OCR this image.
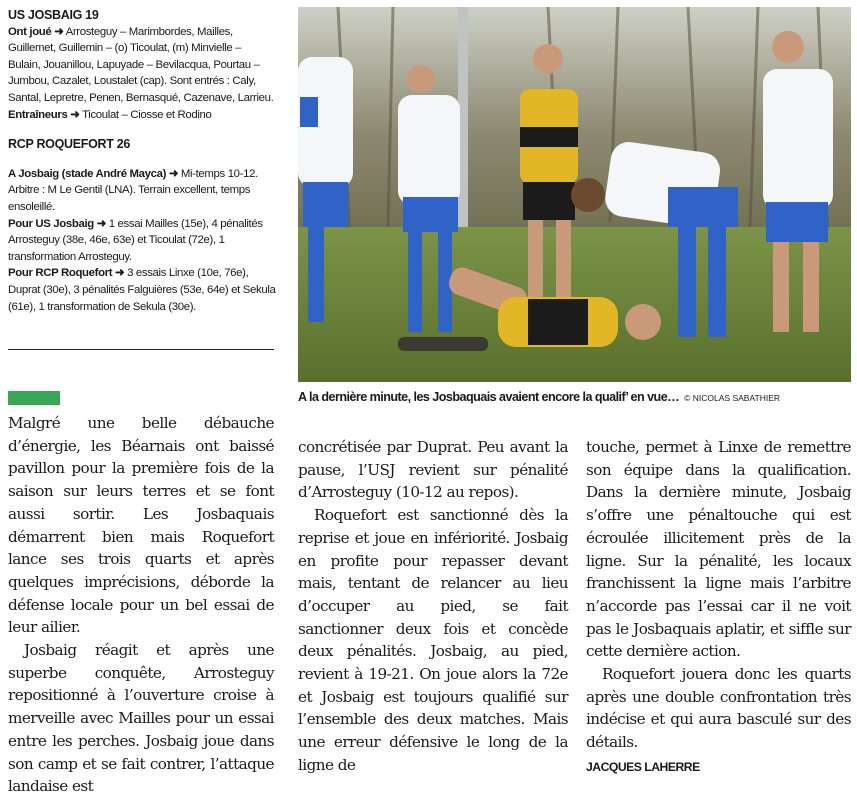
US JOSBAIG 19

Ont joué ➜ Arrosteguy – Marimbordes, Mailles, Guillemet, Guillemin – (o) Ticoulat, (m) Minvielle – Bulain, Jouanillou, Lapuyade – Bevilacqua, Pourtau – Jumbou, Cazalet, Loustalet (cap). Sont entrés : Caly, Santal, Lepretre, Penen, Bernasqué, Cazenave, Larrieu.

Entraîneurs ➜ Ticoulat – Ciosse et Rodino

RCP ROQUEFORT 26

A Josbaig (stade André Mayca) ➜ Mi-temps 10-12. Arbitre : M Le Gentil (LNA). Terrain excellent, temps ensoleillé.

Pour US Josbaig ➜ 1 essai Mailles (15e), 4 pénalités Arrosteguy (38e, 46e, 63e) et Ticoulat (72e), 1 transformation Arrosteguy.

Pour RCP Roquefort ➜ 3 essais Linxe (10e, 76e), Duprat (30e), 3 pénalités Falguières (53e, 64e) et Sekula (61e), 1 transformation de Sekula (30e).

A la dernière minute, les Josbaquais avaient encore la qualif’ en vue… © NICOLAS SABATHIER

Malgré une belle débauche d’énergie, les Béarnais ont baissé pavillon pour la première fois de la saison sur leurs terres et se font aussi sortir. Les Josbaquais démarrent bien mais Roquefort lance ses trois quarts et après quelques imprécisions, déborde la défense locale pour un bel essai de leur ailier.

Josbaig réagit et après une superbe conquête, Arrosteguy repositionné à l’ouverture croise à merveille avec Mailles pour un essai entre les perches. Josbaig joue dans son camp et se fait contrer, l’attaque landaise est

concrétisée par Duprat. Peu avant la pause, l’USJ revient sur pénalité d’Arrosteguy (10-12 au repos).

Roquefort est sanctionné dès la reprise et joue en infériorité. Josbaig en profite pour repasser devant mais, tentant de relancer au lieu d’occuper au pied, se fait sanctionner deux fois et concède deux pénalités. Josbaig, au pied, revient à 19-21. On joue alors la 72e et Josbaig est toujours qualifié sur l’ensemble des deux matches. Mais une erreur défensive le long de la ligne de

touche, permet à Linxe de remettre son équipe dans la qualification. Dans la dernière minute, Josbaig s’offre une pénaltouche qui est écroulée illicitement près de la ligne. Sur la pénalité, les locaux franchissent la ligne mais l’arbitre n’accorde pas l’essai car il ne voit pas le Josbaquais aplatir, et siffle sur cette dernière action.

Roquefort jouera donc les quarts après une double confrontation très indécise et qui aura basculé sur des détails.

JACQUES LAHERRE
